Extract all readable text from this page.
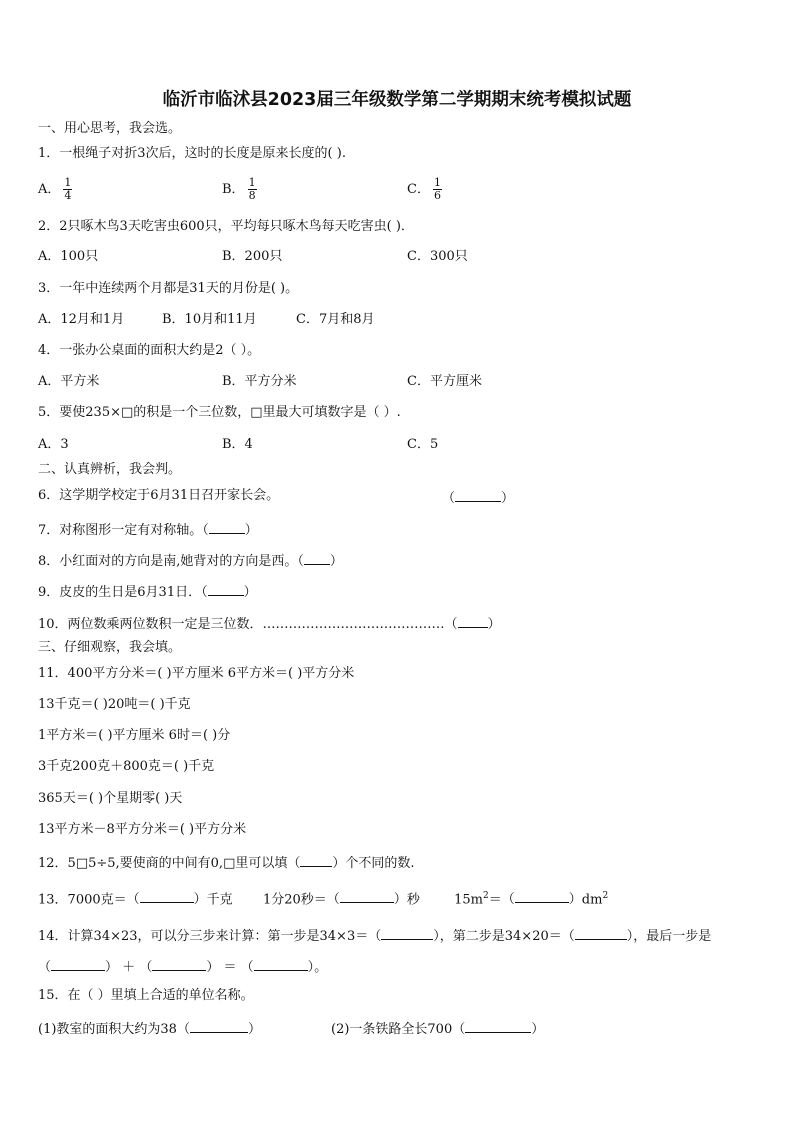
临沂市临沭县2023届三年级数学第二学期期末统考模拟试题
一、用心思考，我会选。
1．一根绳子对折3次后，这时的长度是原来长度的( ).
A． $\frac{1}{4}$	B． $\frac{1}{8}$	C． $\frac{1}{6}$
2．2只啄木鸟3天吃害虫600只，平均每只啄木鸟每天吃害虫( )．
A．100只	B．200只	C．300只
3．一年中连续两个月都是31天的月份是( )。
A．12月和1月	B．10月和11月	C．7月和8月
4．一张办公桌面的面积大约是2（ ）。
A．平方米	B．平方分米	C．平方厘米
5．要使235×□的积是一个三位数，□里最大可填数字是（ ）.
A．3	B．4	C．5
二、认真辨析，我会判。
6．这学期学校定于6月31日召开家长会。	（	）
7．对称图形一定有对称轴。（	）
8．小红面对的方向是南,她背对的方向是西。（ ）
9．皮皮的生日是6月31日．（	）
10．两位数乘两位数积一定是三位数．……………………………………（ ）
三、仔细观察，我会填。
11．400平方分米＝( )平方厘米 6平方米＝( )平方分米
13千克＝( )20吨＝( )千克
1平方米＝( )平方厘米 6时＝( )分
3千克200克＋800克＝( )千克
365天＝( )个星期零( )天
13平方米－8平方分米＝( )平方分米
12．5□5÷5,要使商的中间有0,□里可以填（ ）个不同的数.
13．7000克＝（	）千克 1分20秒＝（	）秒	$15m^2=$（	）$dm^2$
14．计算34×23，可以分三步来计算：第一步是34×3＝（	），第二步是34×20＝（	），最后一步是
（	） ＋ （	） ＝ （	）。
15．在（ ）里填上合适的单位名称。
(1)教室的面积大约为38（	）	(2)一条铁路全长700（	）
